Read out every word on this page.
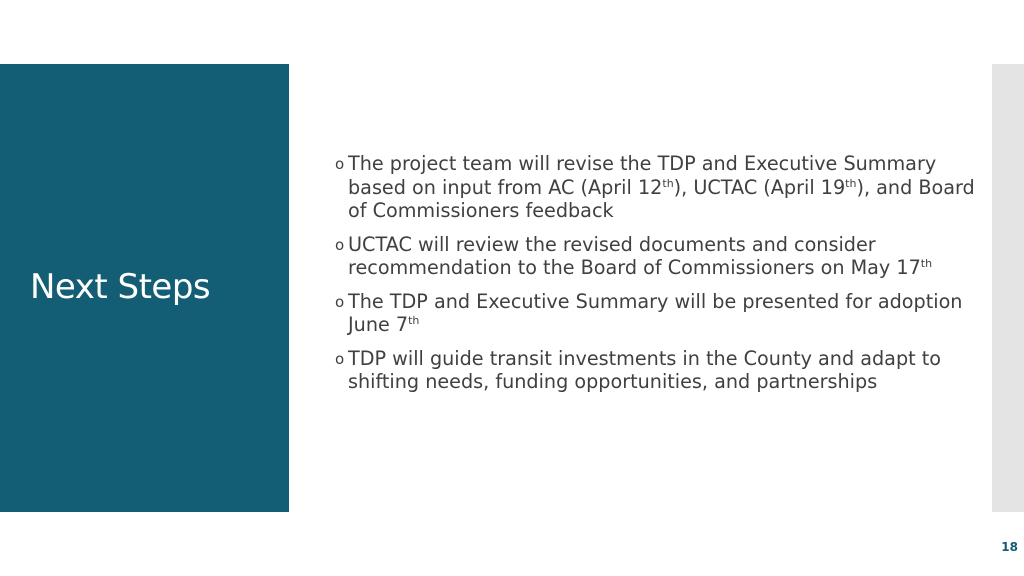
Next Steps
o The project team will revise the TDP and Executive Summary based on input from AC (April 12th), UCTAC (April 19th), and Board of Commissioners feedback
o UCTAC will review the revised documents and consider recommendation to the Board of Commissioners on May 17th
o The TDP and Executive Summary will be presented for adoption June 7th
o TDP will guide transit investments in the County and adapt to shifting needs, funding opportunities, and partnerships
18
